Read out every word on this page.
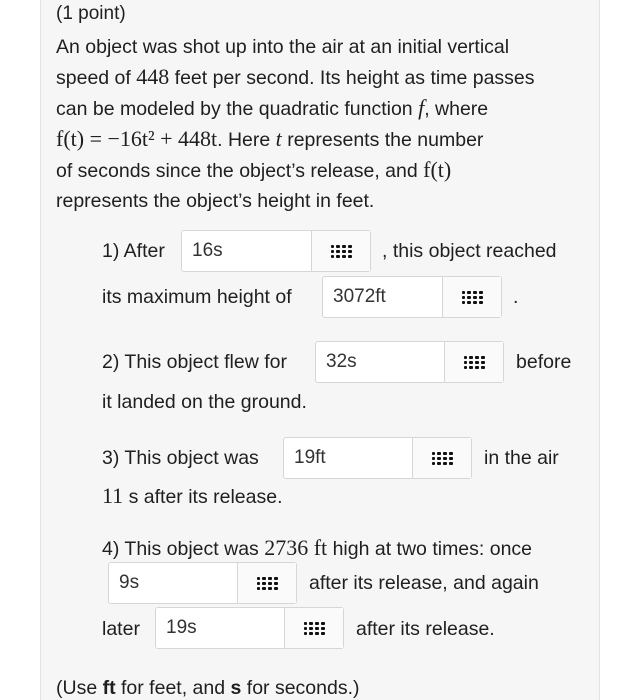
(1 point)
An object was shot up into the air at an initial vertical
speed of 448 feet per second. Its height as time passes
can be modeled by the quadratic function f, where
f(t) = −16t² + 448t. Here t represents the number
of seconds since the object’s release, and f(t)
represents the object’s height in feet.
1) After 16s	, this object reached
its maximum height of 3072ft	.
2) This object flew for 32s	before
it landed on the ground.
3) This object was 19ft	in the air
11 s after its release.
4) This object was 2736 ft high at two times: once
9s	after its release, and again
later 19s	after its release.
(Use ft for feet, and s for seconds.)
